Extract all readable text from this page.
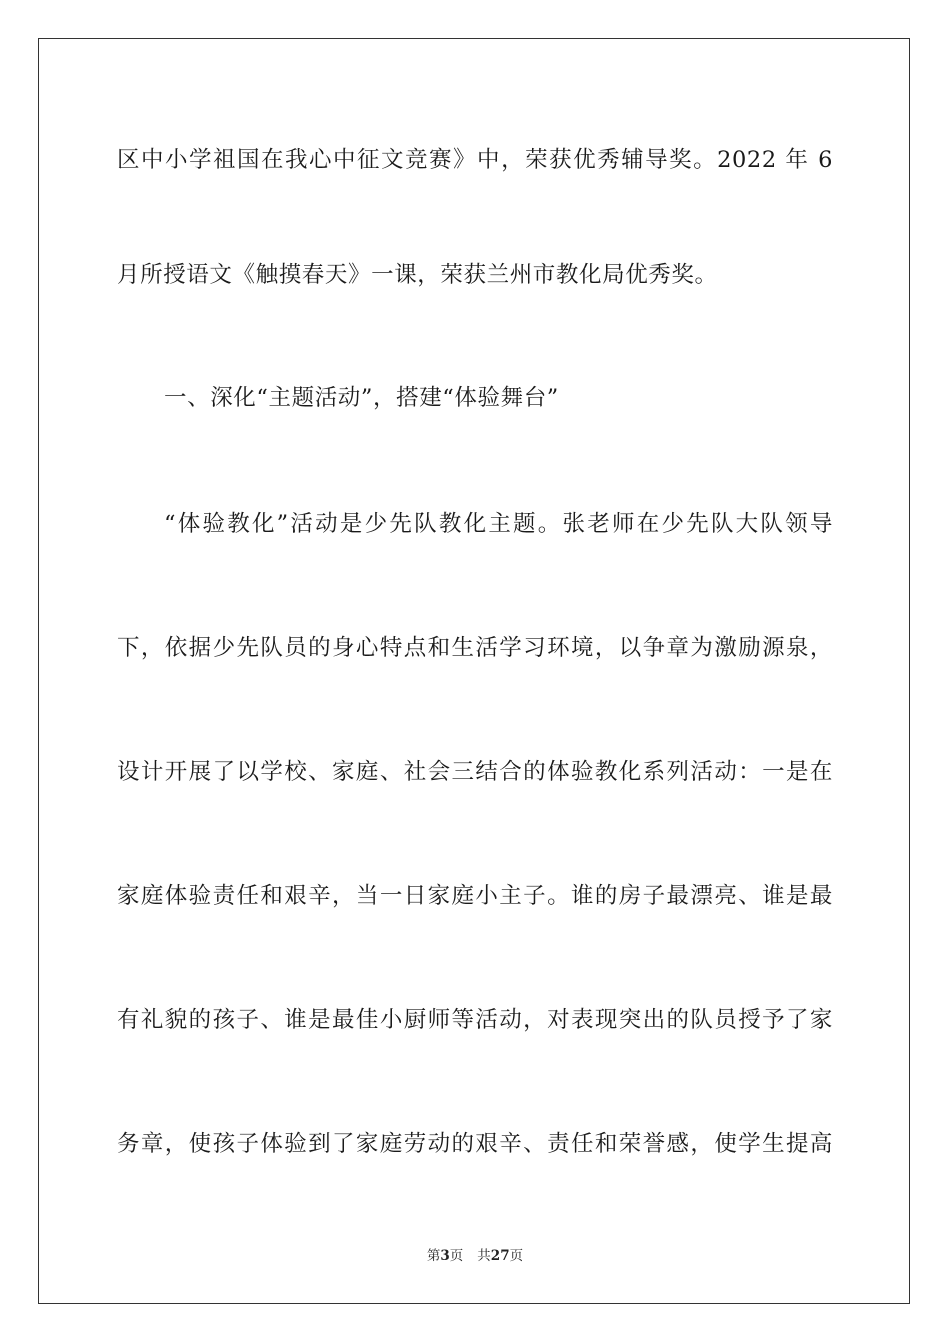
区中小学祖国在我心中征文竞赛》中，荣获优秀辅导奖。2022 年 6
月所授语文《触摸春天》一课，荣获兰州市教化局优秀奖。
一、深化“主题活动”，搭建“体验舞台”
“体验教化”活动是少先队教化主题。张老师在少先队大队领导
下，依据少先队员的身心特点和生活学习环境，以争章为激励源泉，
设计开展了以学校、家庭、社会三结合的体验教化系列活动：一是在
家庭体验责任和艰辛，当一日家庭小主子。谁的房子最漂亮、谁是最
有礼貌的孩子、谁是最佳小厨师等活动，对表现突出的队员授予了家
务章，使孩子体验到了家庭劳动的艰辛、责任和荣誉感，使学生提高
第3页 共27页
